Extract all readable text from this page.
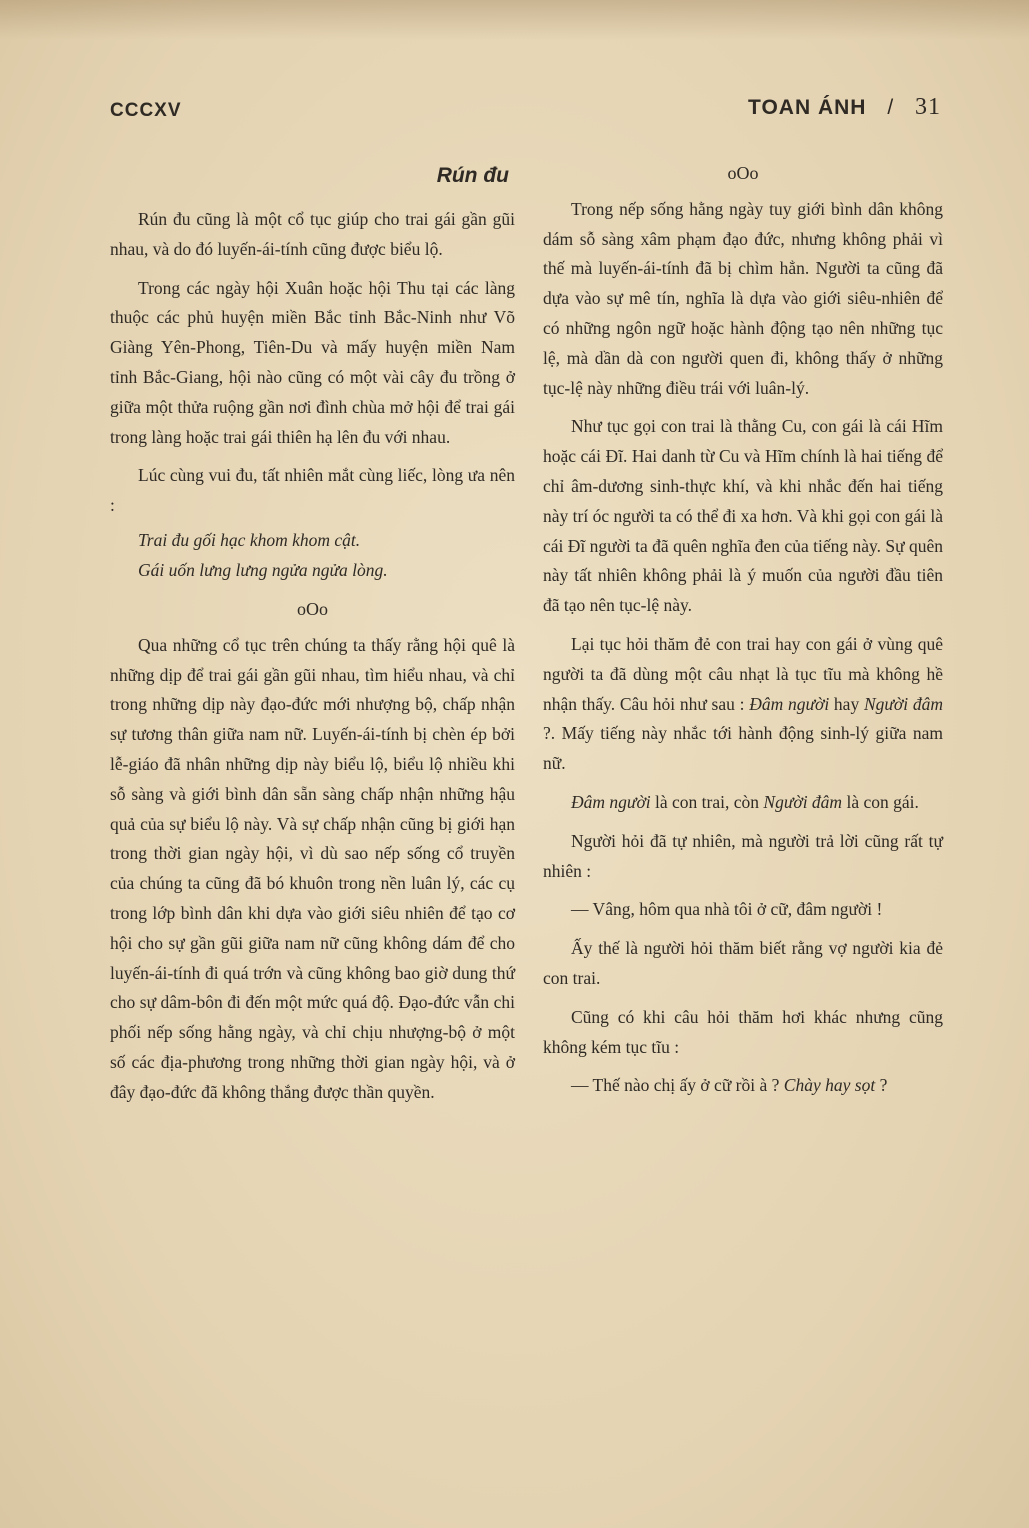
CCCXV	TOAN ÁNH / 31
Rún đu

Rún đu cũng là một cổ tục giúp cho trai gái gần gũi nhau, và do đó luyến-ái-tính cũng được biểu lộ.

Trong các ngày hội Xuân hoặc hội Thu tại các làng thuộc các phủ huyện miền Bắc tỉnh Bắc-Ninh như Võ Giàng Yên-Phong, Tiên-Du và mấy huyện miền Nam tỉnh Bắc-Giang, hội nào cũng có một vài cây đu trồng ở giữa một thửa ruộng gần nơi đình chùa mở hội để trai gái trong làng hoặc trai gái thiên hạ lên đu với nhau.

Lúc cùng vui đu, tất nhiên mắt cùng liếc, lòng ưa nên :

Trai đu gối hạc khom khom cật.
Gái uốn lưng lưng ngửa ngửa lòng.
oOo

Qua những cổ tục trên chúng ta thấy rằng hội quê là những dịp để trai gái gần gũi nhau, tìm hiểu nhau, và chỉ trong những dịp này đạo-đức mới nhượng bộ, chấp nhận sự tương thân giữa nam nữ. Luyến-ái-tính bị chèn ép bởi lễ-giáo đã nhân những dịp này biểu lộ, biểu lộ nhiều khi sỗ sàng và giới bình dân sẵn sàng chấp nhận những hậu quả của sự biểu lộ này. Và sự chấp nhận cũng bị giới hạn trong thời gian ngày hội, vì dù sao nếp sống cổ truyền của chúng ta cũng đã bó khuôn trong nền luân lý, các cụ trong lớp bình dân khi dựa vào giới siêu nhiên để tạo cơ hội cho sự gần gũi giữa nam nữ cũng không dám để cho luyến-ái-tính đi quá trớn và cũng không bao giờ dung thứ cho sự dâm-bôn đi đến một mức quá độ. Đạo-đức vẫn chi phối nếp sống hằng ngày, và chỉ chịu nhượng-bộ ở một số các địa-phương trong những thời gian ngày hội, và ở đây đạo-đức đã không thắng được thần quyền.

oOo

Trong nếp sống hằng ngày tuy giới bình dân không dám sỗ sàng xâm phạm đạo đức, nhưng không phải vì thế mà luyến-ái-tính đã bị chìm hẳn. Người ta cũng đã dựa vào sự mê tín, nghĩa là dựa vào giới siêu-nhiên để có những ngôn ngữ hoặc hành động tạo nên những tục lệ, mà dần dà con người quen đi, không thấy ở những tục-lệ này những điều trái với luân-lý.

Như tục gọi con trai là thằng Cu, con gái là cái Hĩm hoặc cái Đĩ. Hai danh từ Cu và Hĩm chính là hai tiếng để chỉ âm-dương sinh-thực khí, và khi nhắc đến hai tiếng này trí óc người ta có thể đi xa hơn. Và khi gọi con gái là cái Đĩ người ta đã quên nghĩa đen của tiếng này. Sự quên này tất nhiên không phải là ý muốn của người đầu tiên đã tạo nên tục-lệ này.

Lại tục hỏi thăm đẻ con trai hay con gái ở vùng quê người ta đã dùng một câu nhạt là tục tĩu mà không hề nhận thấy. Câu hỏi như sau : Đâm người hay Người đâm ?. Mấy tiếng này nhắc tới hành động sinh-lý giữa nam nữ.

Đâm người là con trai, còn Người đâm là con gái.

Người hỏi đã tự nhiên, mà người trả lời cũng rất tự nhiên :

— Vâng, hôm qua nhà tôi ở cữ, đâm người !

Ấy thế là người hỏi thăm biết rằng vợ người kia đẻ con trai.

Cũng có khi câu hỏi thăm hơi khác nhưng cũng không kém tục tĩu :

— Thế nào chị ấy ở cữ rồi à ? Chày hay sọt ?
